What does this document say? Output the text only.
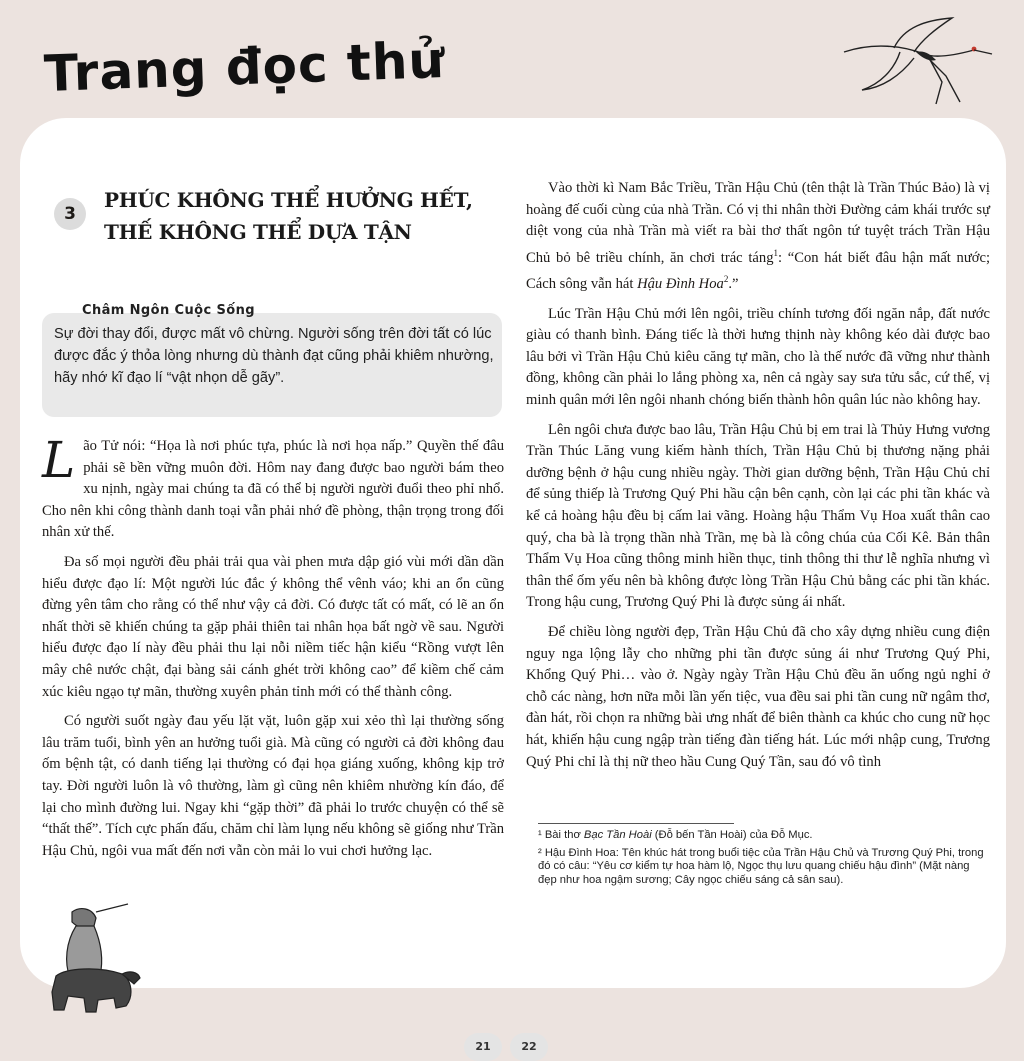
Trang đọc thử
3
PHÚC KHÔNG THỂ HƯỞNG HẾT,
THẾ KHÔNG THỂ DỰA TẬN
Châm Ngôn Cuộc Sống
Sự đời thay đổi, được mất vô chừng. Người sống trên đời tất có lúc được đắc ý thỏa lòng nhưng dù thành đạt cũng phải khiêm nhường, hãy nhớ kĩ đạo lí “vật nhọn dễ gãy”.

Lão Tử nói: “Họa là nơi phúc tựa, phúc là nơi họa nấp.” Quyền thế đâu phải sẽ bền vững muôn đời. Hôm nay đang được bao người bám theo xu nịnh, ngày mai chúng ta đã có thể bị người người đuổi theo phỉ nhổ. Cho nên khi công thành danh toại vẫn phải nhớ đề phòng, thận trọng trong đối nhân xử thế.

Đa số mọi người đều phải trải qua vài phen mưa dập gió vùi mới dần dần hiểu được đạo lí: Một người lúc đắc ý không thể vênh váo; khi an ổn cũng đừng yên tâm cho rằng có thể như vậy cả đời. Có được tất có mất, có lẽ an ổn nhất thời sẽ khiến chúng ta gặp phải thiên tai nhân họa bất ngờ về sau. Người hiểu được đạo lí này đều phải thu lại nỗi niềm tiếc hận kiểu “Rồng vượt lên mây chê nước chật, đại bàng sải cánh ghét trời không cao” để kiềm chế cảm xúc kiêu ngạo tự mãn, thường xuyên phản tỉnh mới có thể thành công.

Có người suốt ngày đau yếu lặt vặt, luôn gặp xui xẻo thì lại thường sống lâu trăm tuổi, bình yên an hưởng tuổi già. Mà cũng có người cả đời không đau ốm bệnh tật, có danh tiếng lại thường có đại họa giáng xuống, không kịp trở tay. Đời người luôn là vô thường, làm gì cũng nên khiêm nhường kín đáo, để lại cho mình đường lui. Ngay khi “gặp thời” đã phải lo trước chuyện có thể sẽ “thất thế”. Tích cực phấn đấu, chăm chỉ làm lụng nếu không sẽ giống như Trần Hậu Chủ, ngôi vua mất đến nơi vẫn còn mải lo vui chơi hưởng lạc.

Vào thời kì Nam Bắc Triều, Trần Hậu Chủ (tên thật là Trần Thúc Bảo) là vị hoàng đế cuối cùng của nhà Trần. Có vị thi nhân thời Đường cảm khái trước sự diệt vong của nhà Trần mà viết ra bài thơ thất ngôn tứ tuyệt trách Trần Hậu Chủ bỏ bê triều chính, ăn chơi trác táng$^1$: “Con hát biết đâu hận mất nước; Cách sông vẫn hát Hậu Đình Hoa$^2$.”

Lúc Trần Hậu Chủ mới lên ngôi, triều chính tương đối ngăn nắp, đất nước giàu có thanh bình. Đáng tiếc là thời hưng thịnh này không kéo dài được bao lâu bởi vì Trần Hậu Chủ kiêu căng tự mãn, cho là thế nước đã vững như thành đồng, không cần phải lo lắng phòng xa, nên cả ngày say sưa tửu sắc, cứ thế, vị minh quân mới lên ngôi nhanh chóng biến thành hôn quân lúc nào không hay.

Lên ngôi chưa được bao lâu, Trần Hậu Chủ bị em trai là Thủy Hưng vương Trần Thúc Lăng vung kiếm hành thích, Trần Hậu Chủ bị thương nặng phải dưỡng bệnh ở hậu cung nhiều ngày. Thời gian dưỡng bệnh, Trần Hậu Chủ chỉ để sủng thiếp là Trương Quý Phi hầu cận bên cạnh, còn lại các phi tần khác và kể cả hoàng hậu đều bị cấm lai vãng. Hoàng hậu Thẩm Vụ Hoa xuất thân cao quý, cha bà là trọng thần nhà Trần, mẹ bà là công chúa của Cối Kê. Bản thân Thẩm Vụ Hoa cũng thông minh hiền thục, tinh thông thi thư lễ nghĩa nhưng vì thân thể ốm yếu nên bà không được lòng Trần Hậu Chủ bằng các phi tần khác. Trong hậu cung, Trương Quý Phi là được sủng ái nhất.

Để chiều lòng người đẹp, Trần Hậu Chủ đã cho xây dựng nhiều cung điện nguy nga lộng lẫy cho những phi tần được sủng ái như Trương Quý Phi, Khổng Quý Phi… vào ở. Ngày ngày Trần Hậu Chủ đều ăn uống ngủ nghỉ ở chỗ các nàng, hơn nữa mỗi lần yến tiệc, vua đều sai phi tần cung nữ ngâm thơ, đàn hát, rồi chọn ra những bài ưng nhất để biên thành ca khúc cho cung nữ học hát, khiến hậu cung ngập tràn tiếng đàn tiếng hát. Lúc mới nhập cung, Trương Quý Phi chỉ là thị nữ theo hầu Cung Quý Tần, sau đó vô tình

¹ Bài thơ Bạc Tần Hoài (Đỗ bến Tần Hoài) của Đỗ Mục.

² Hậu Đình Hoa: Tên khúc hát trong buổi tiệc của Trần Hậu Chủ và Trương Quý Phi, trong đó có câu: “Yêu cơ kiểm tự hoa hàm lộ, Ngọc thụ lưu quang chiếu hậu đình” (Mặt nàng đẹp như hoa ngậm sương; Cây ngọc chiếu sáng cả sân sau).

21	22
